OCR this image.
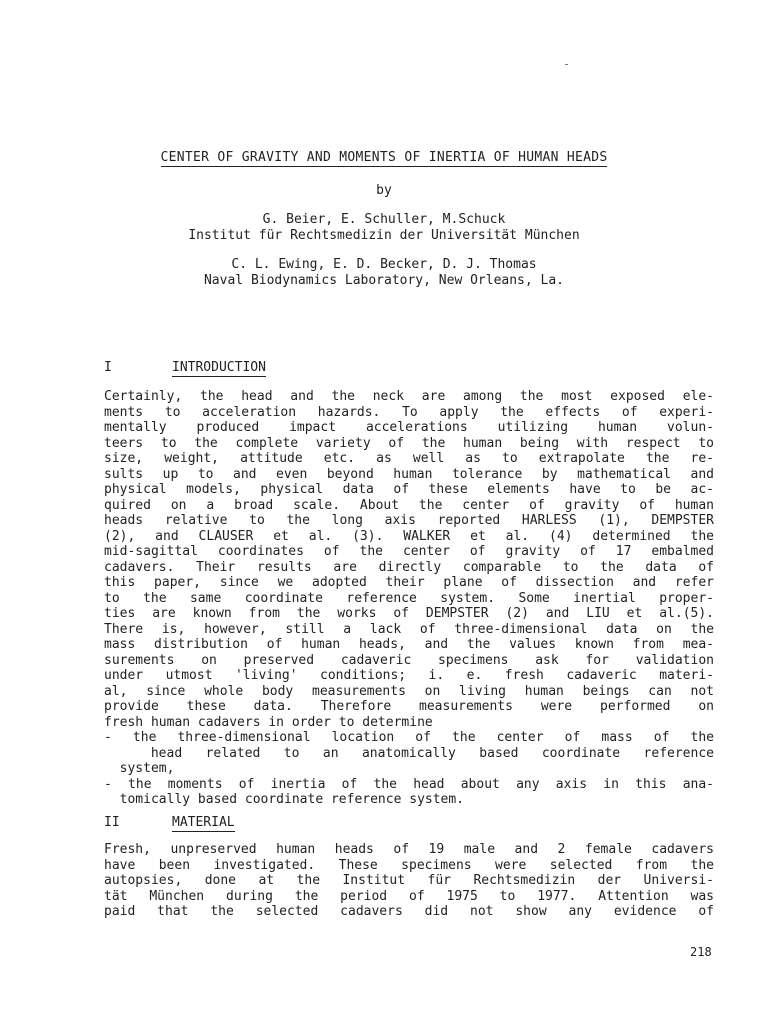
CENTER OF GRAVITY AND MOMENTS OF INERTIA OF HUMAN HEADS
by
G. Beier, E. Schuller, M.Schuck
Institut für Rechtsmedizin der Universität München
C. L. Ewing, E. D. Becker, D. J. Thomas
Naval Biodynamics Laboratory, New Orleans, La.
I	INTRODUCTION
Certainly, the head and the neck are among the most exposed ele-
ments to acceleration hazards. To apply the effects of experi-
mentally produced impact accelerations utilizing human volun-
teers to the complete variety of the human being with respect to
size, weight, attitude etc. as well as to extrapolate the re-
sults up to and even beyond human tolerance by mathematical and
physical models, physical data of these elements have to be ac-
quired on a broad scale. About the center of gravity of human
heads relative to the long axis reported HARLESS (1), DEMPSTER
(2), and CLAUSER et al. (3). WALKER et al. (4) determined the
mid-sagittal coordinates of the center of gravity of 17 embalmed
cadavers. Their results are directly comparable to the data of
this paper, since we adopted their plane of dissection and refer
to the same coordinate reference system. Some inertial proper-
ties are known from the works of DEMPSTER (2) and LIU et al.(5).
There is, however, still a lack of three-dimensional data on the
mass distribution of human heads, and the values known from mea-
surements on preserved cadaveric specimens ask for validation
under utmost 'living' conditions; i. e. fresh cadaveric materi-
al, since whole body measurements on living human beings can not
provide these data. Therefore measurements were performed on
fresh human cadavers in order to determine
- the three-dimensional location of the center of mass of the
head related to an anatomically based coordinate reference
system,
- the moments of inertia of the head about any axis in this ana-
tomically based coordinate reference system.
II	MATERIAL
Fresh, unpreserved human heads of 19 male and 2 female cadavers
have been investigated. These specimens were selected from the
autopsies, done at the Institut für Rechtsmedizin der Universi-
tät München during the period of 1975 to 1977. Attention was
paid that the selected cadavers did not show any evidence of
218
